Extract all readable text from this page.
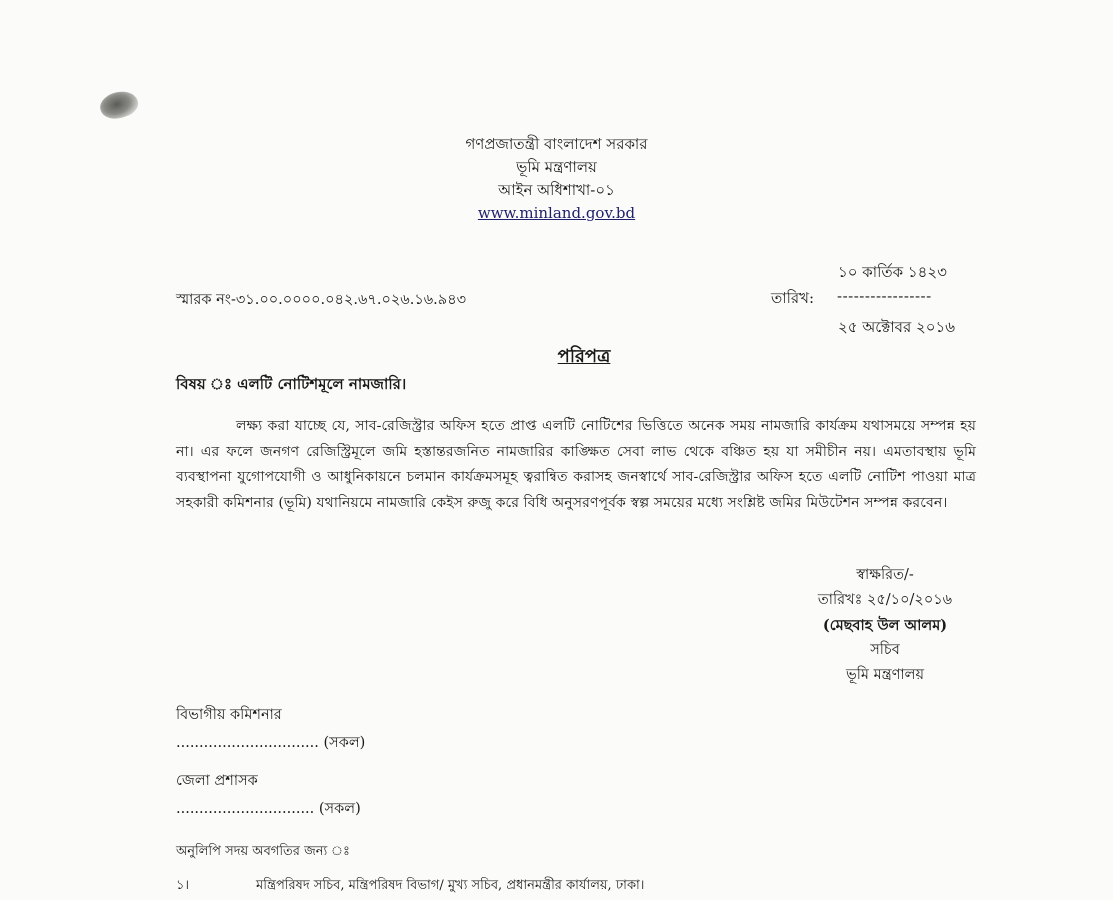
গণপ্রজাতন্ত্রী বাংলাদেশ সরকার
ভূমি মন্ত্রণালয়
আইন অধিশাখা-০১
www.minland.gov.bd
১০ কার্তিক ১৪২৩
স্মারক নং-৩১.০০.০০০০.০৪২.৬৭.০২৬.১৬.৯৪৩	তারিখ: -----------------
২৫ অক্টোবর ২০১৬
পরিপত্র
বিষয় ঃ এলটি নোটিশমূলে নামজারি।
লক্ষ্য করা যাচ্ছে যে, সাব-রেজিস্ট্রার অফিস হতে প্রাপ্ত এলটি নোটিশের ভিত্তিতে অনেক সময় নামজারি কার্যক্রম যথাসময়ে সম্পন্ন হয় না। এর ফলে জনগণ রেজিস্ট্রিমূলে জমি হস্তান্তরজনিত নামজারির কাঙ্ক্ষিত সেবা লাভ থেকে বঞ্চিত হয় যা সমীচীন নয়। এমতাবস্থায় ভূমি ব্যবস্থাপনা যুগোপযোগী ও আধুনিকায়নে চলমান কার্যক্রমসমূহ ত্বরান্বিত করাসহ জনস্বার্থে সাব-রেজিস্ট্রার অফিস হতে এলটি নোটিশ পাওয়া মাত্র সহকারী কমিশনার (ভূমি) যথানিয়মে নামজারি কেইস রুজু করে বিধি অনুসরণপূর্বক স্বল্প সময়ের মধ্যে সংশ্লিষ্ট জমির মিউটেশন সম্পন্ন করবেন।
স্বাক্ষরিত/-
তারিখঃ ২৫/১০/২০১৬
(মেছবাহ উল আলম)
সচিব
ভূমি মন্ত্রণালয়
বিভাগীয় কমিশনার
............................... (সকল)
জেলা প্রশাসক
.............................. (সকল)
অনুলিপি সদয় অবগতির জন্য ঃ
১।	মন্ত্রিপরিষদ সচিব, মন্ত্রিপরিষদ বিভাগ/ মুখ্য সচিব, প্রধানমন্ত্রীর কার্যালয়, ঢাকা।
